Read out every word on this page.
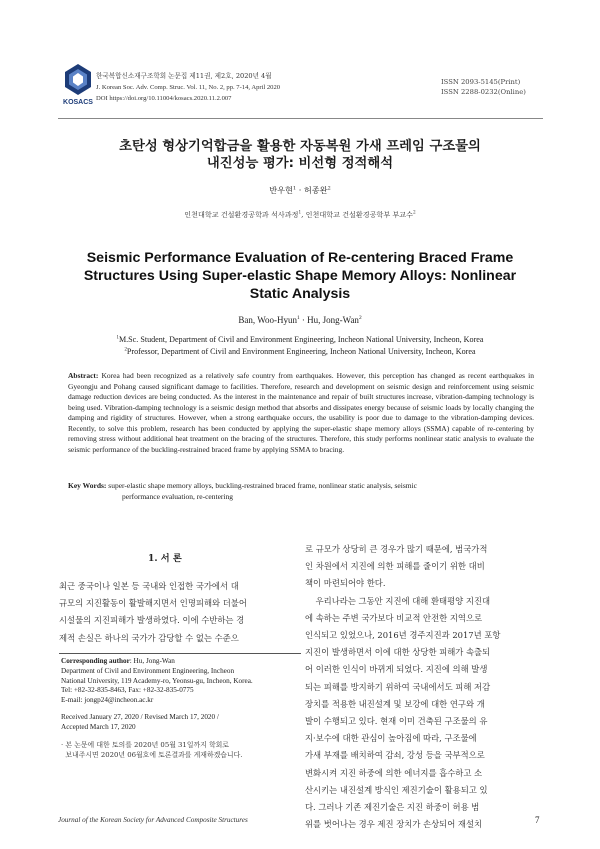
KOSACS
한국복합신소재구조학회 논문집 제11권, 제2호, 2020년 4월
J. Korean Soc. Adv. Comp. Struc. Vol. 11, No. 2, pp. 7-14, April 2020
DOI https://doi.org/10.11004/kosacs.2020.11.2.007
ISSN 2093-5145(Print)
ISSN 2288-0232(Online)
초탄성 형상기억합금을 활용한 자동복원 가새 프레임 구조물의
내진성능 평가: 비선형 정적해석
반우현$^1$ · 허종완$^2$
인천대학교 건설환경공학과 석사과정$^1$, 인천대학교 건설환경공학부 부교수$^2$
Seismic Performance Evaluation of Re-centering Braced Frame
Structures Using Super-elastic Shape Memory Alloys: Nonlinear
Static Analysis
Ban, Woo-Hyun$^1$ · Hu, Jong-Wan$^2$
$^1$M.Sc. Student, Department of Civil and Environment Engineering, Incheon National University, Incheon, Korea
$^2$Professor, Department of Civil and Environment Engineering, Incheon National University, Incheon, Korea
Abstract: Korea had been recognized as a relatively safe country from earthquakes. However, this perception has changed as recent earthquakes in Gyeongju and Pohang caused significant damage to facilities. Therefore, research and development on seismic design and reinforcement using seismic damage reduction devices are being conducted. As the interest in the maintenance and repair of built structures increase, vibration-damping technology is being used. Vibration-damping technology is a seismic design method that absorbs and dissipates energy because of seismic loads by locally changing the damping and rigidity of structures. However, when a strong earthquake occurs, the usability is poor due to damage to the vibration-damping devices. Recently, to solve this problem, research has been conducted by applying the super-elastic shape memory alloys (SSMA) capable of re-centering by removing stress without additional heat treatment on the bracing of the structures. Therefore, this study performs nonlinear static analysis to evaluate the seismic performance of the buckling-restrained braced frame by applying SSMA to bracing.
Key Words: super-elastic shape memory alloys, buckling-restrained braced frame, nonlinear static analysis, seismic
performance evaluation, re-centering
1. 서 론
최근 중국이나 일본 등 국내와 인접한 국가에서 대
규모의 지진활동이 활발해지면서 인명피해와 더불어
시설물의 지진피해가 발생하였다. 이에 수반하는 경
제적 손실은 하나의 국가가 감당할 수 없는 수준으
로 규모가 상당히 큰 경우가 많기 때문에, 범국가적
인 차원에서 지진에 의한 피해를 줄이기 위한 대비
책이 마련되어야 한다.
우리나라는 그동안 지진에 대해 환태평양 지진대
에 속하는 주변 국가보다 비교적 안전한 지역으로
인식되고 있었으나, 2016년 경주지진과 2017년 포항
지진이 발생하면서 이에 대한 상당한 피해가 속출되
어 이러한 인식이 바뀌게 되었다. 지진에 의해 발생
되는 피해를 방지하기 위하여 국내에서도 피해 저감
장치를 적용한 내진설계 및 보강에 대한 연구와 개
발이 수행되고 있다. 현재 이미 건축된 구조물의 유
지·보수에 대한 관심이 높아짐에 따라, 구조물에
가새 부재를 배치하여 감쇠, 강성 등을 국부적으로
변화시켜 지진 하중에 의한 에너지를 흡수하고 소
산시키는 내진설계 방식인 제진기술이 활용되고 있
다. 그러나 기존 제진기술은 지진 하중이 허용 범
위를 벗어나는 경우 제진 장치가 손상되어 재설치
Corresponding author: Hu, Jong-Wan
Department of Civil and Environment Engineering, Incheon
National University, 119 Academy-ro, Yeonsu-gu, Incheon, Korea.
Tel: +82-32-835-8463, Fax: +82-32-835-0775
E-mail: jongp24@incheon.ac.kr
Received January 27, 2020 / Revised March 17, 2020 /
Accepted March 17, 2020
· 본 논문에 대한 토의를 2020년 05월 31일까지 학회로
보내주시면 2020년 06월호에 토론결과를 게재하겠습니다.
Journal of the Korean Society for Advanced Composite Structures	7
